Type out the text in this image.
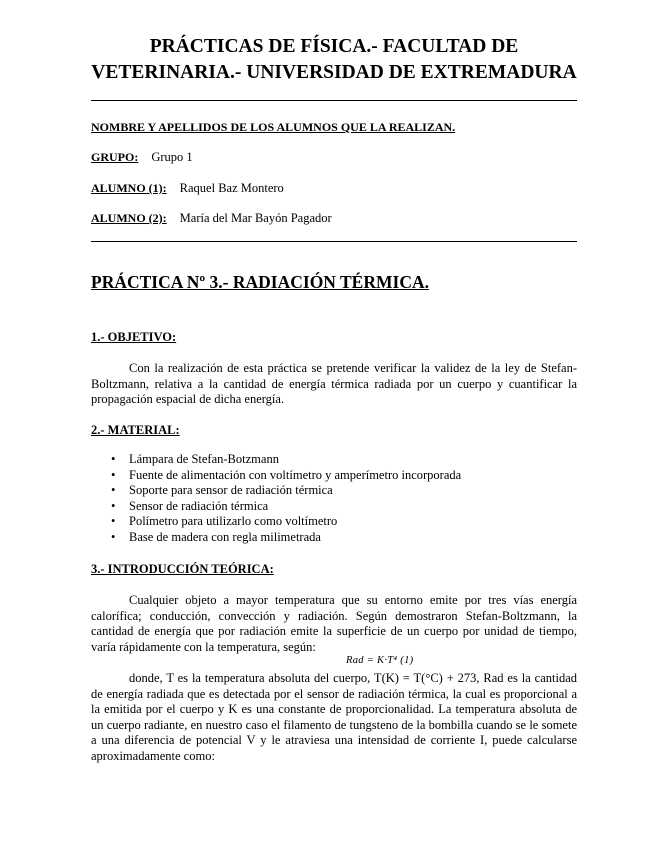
PRÁCTICAS DE FÍSICA.- FACULTAD DE
VETERINARIA.- UNIVERSIDAD DE EXTREMADURA
NOMBRE Y APELLIDOS DE LOS ALUMNOS QUE LA REALIZAN.
GRUPO: Grupo 1
ALUMNO (1): Raquel Baz Montero
ALUMNO (2): María del Mar Bayón Pagador
PRÁCTICA Nº 3.- RADIACIÓN TÉRMICA.
1.- OBJETIVO:
Con la realización de esta práctica se pretende verificar la validez de la ley de Stefan-Boltzmann, relativa a la cantidad de energía térmica radiada por un cuerpo y cuantificar la propagación espacial de dicha energía.
2.- MATERIAL:
• Lámpara de Stefan-Botzmann
• Fuente de alimentación con voltímetro y amperímetro incorporada
• Soporte para sensor de radiación térmica
• Sensor de radiación térmica
• Polímetro para utilizarlo como voltímetro
• Base de madera con regla milimetrada
3.- INTRODUCCIÓN TEÓRICA:
Cualquier objeto a mayor temperatura que su entorno emite por tres vías energía calorífica; conducción, convección y radiación. Según demostraron Stefan-Boltzmann, la cantidad de energía que por radiación emite la superficie de un cuerpo por unidad de tiempo, varía rápidamente con la temperatura, según:
Rad = K·T⁴ (1)
donde, T es la temperatura absoluta del cuerpo, T(K) = T(°C) + 273, Rad es la cantidad de energía radiada que es detectada por el sensor de radiación térmica, la cual es proporcional a la emitida por el cuerpo y K es una constante de proporcionalidad. La temperatura absoluta de un cuerpo radiante, en nuestro caso el filamento de tungsteno de la bombilla cuando se le somete a una diferencia de potencial V y le atraviesa una intensidad de corriente I, puede calcularse aproximadamente como:
